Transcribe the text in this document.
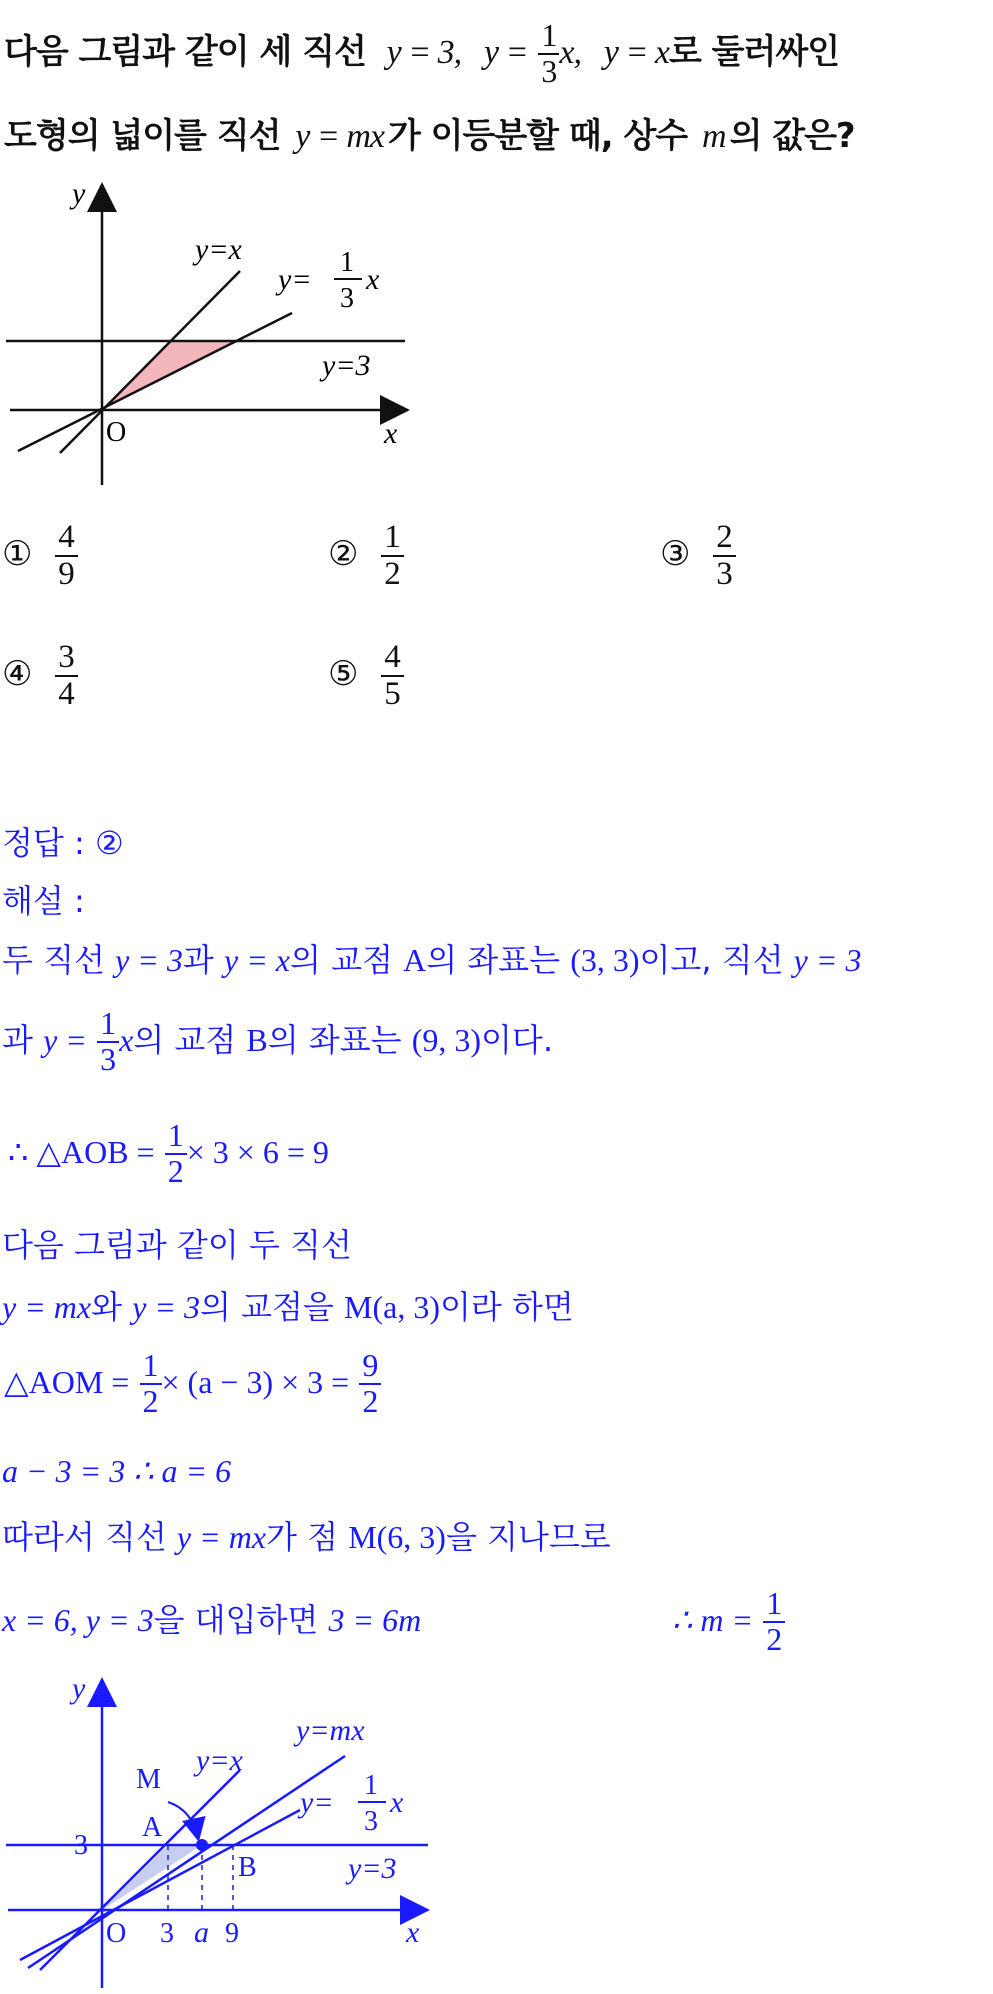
다음 그림과 같이 세 직선 y = 3, $y = \frac{1}{3} x$, y = x로 둘러싸인
도형의 넓이를 직선 y = mx 가 이등분할 때, 상수 m 의 값은?
y
x
O
y=x
y=
1
3
x
y=3
① $\frac{4}{9}$	② $\frac{1}{2}$	③ $\frac{2}{3}$
④ $\frac{3}{4}$	⑤ $\frac{4}{5}$
정답 : ②
해설 :
두 직선 y = 3과 y = x의 교점 A의 좌표는 (3, 3)이고, 직선 y = 3
과 $y = \frac{1}{3}$ x의 교점 B의 좌표는 (9, 3)이다.
∴ △AOB = $\frac{1}{2} \times 3 \times 6 = 9$
다음 그림과 같이 두 직선
y = mx와 y = 3의 교점을 M(a, 3)이라 하면
△AOM = $\frac{1}{2} \times (a - 3) \times 3 = \frac{9}{2}$
a − 3 = 3 ∴ a = 6
따라서 직선 y = mx가 점 M(6, 3)을 지나므로
x = 6, y = 3을 대입하면 3 = 6m	∴ $m = \frac{1}{2}$
y
x
O
y=mx
y=x
y=
1
3
x
y=3
M
A
B
3
3 a 9
